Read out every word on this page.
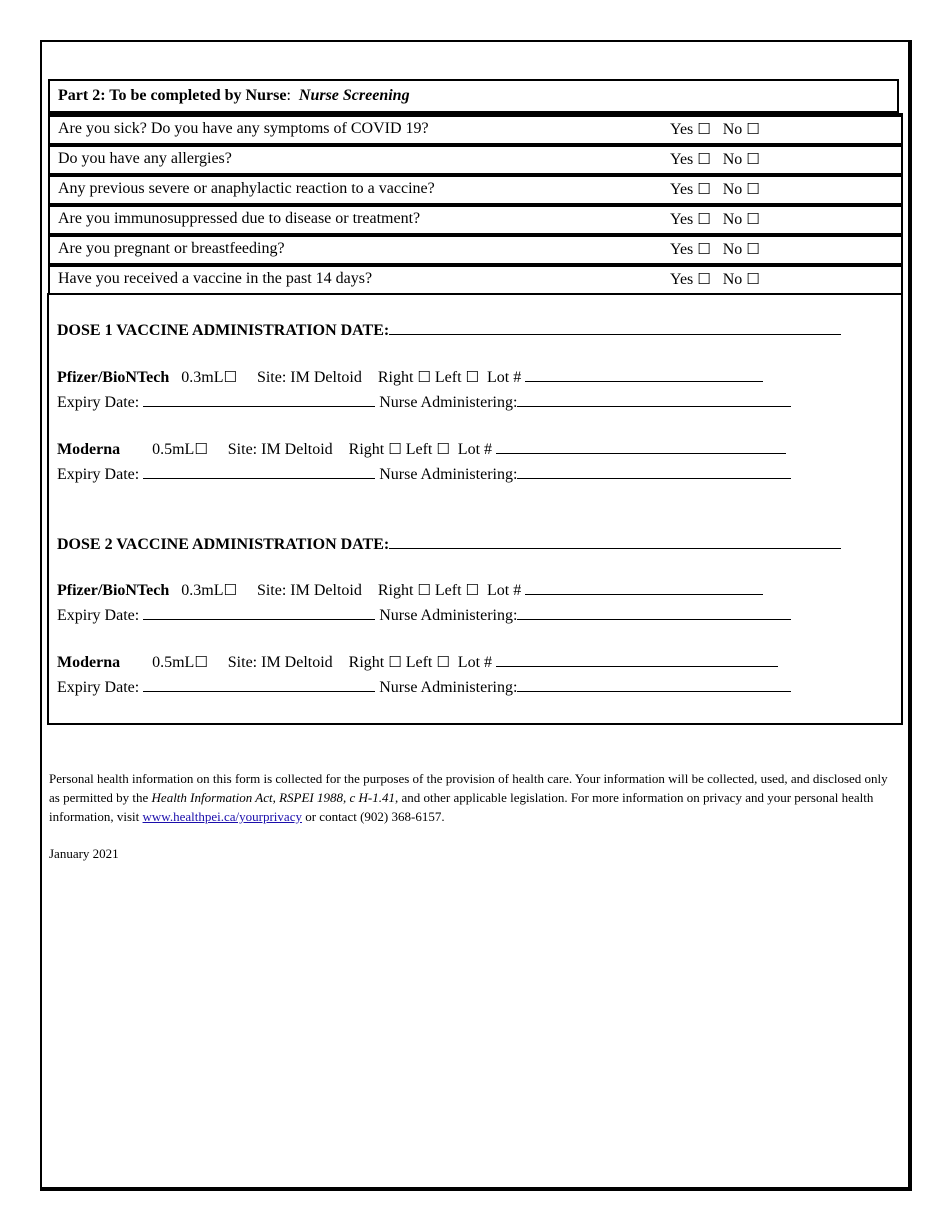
Part 2: To be completed by Nurse: Nurse Screening
Are you sick? Do you have any symptoms of COVID 19?	Yes ☐ No ☐
Do you have any allergies?	Yes ☐ No ☐
Any previous severe or anaphylactic reaction to a vaccine?	Yes ☐ No ☐
Are you immunosuppressed due to disease or treatment?	Yes ☐ No ☐
Are you pregnant or breastfeeding?	Yes ☐ No ☐
Have you received a vaccine in the past 14 days?	Yes ☐ No ☐
DOSE 1 VACCINE ADMINISTRATION DATE:
Pfizer/BioNTech 0.3mL☐ Site: IM Deltoid Right ☐ Left ☐ Lot #
Expiry Date:	Nurse Administering:
Moderna 0.5mL☐ Site: IM Deltoid Right ☐ Left ☐ Lot #
Expiry Date:	Nurse Administering:
DOSE 2 VACCINE ADMINISTRATION DATE:
Pfizer/BioNTech 0.3mL☐ Site: IM Deltoid Right ☐ Left ☐ Lot #
Expiry Date:	Nurse Administering:
Moderna 0.5mL☐ Site: IM Deltoid Right ☐ Left ☐ Lot #
Expiry Date:	Nurse Administering:
Personal health information on this form is collected for the purposes of the provision of health care. Your information will be collected, used, and disclosed only as permitted by the Health Information Act, RSPEI 1988, c H-1.41, and other applicable legislation. For more information on privacy and your personal health information, visit www.healthpei.ca/yourprivacy or contact (902) 368-6157.
January 2021
